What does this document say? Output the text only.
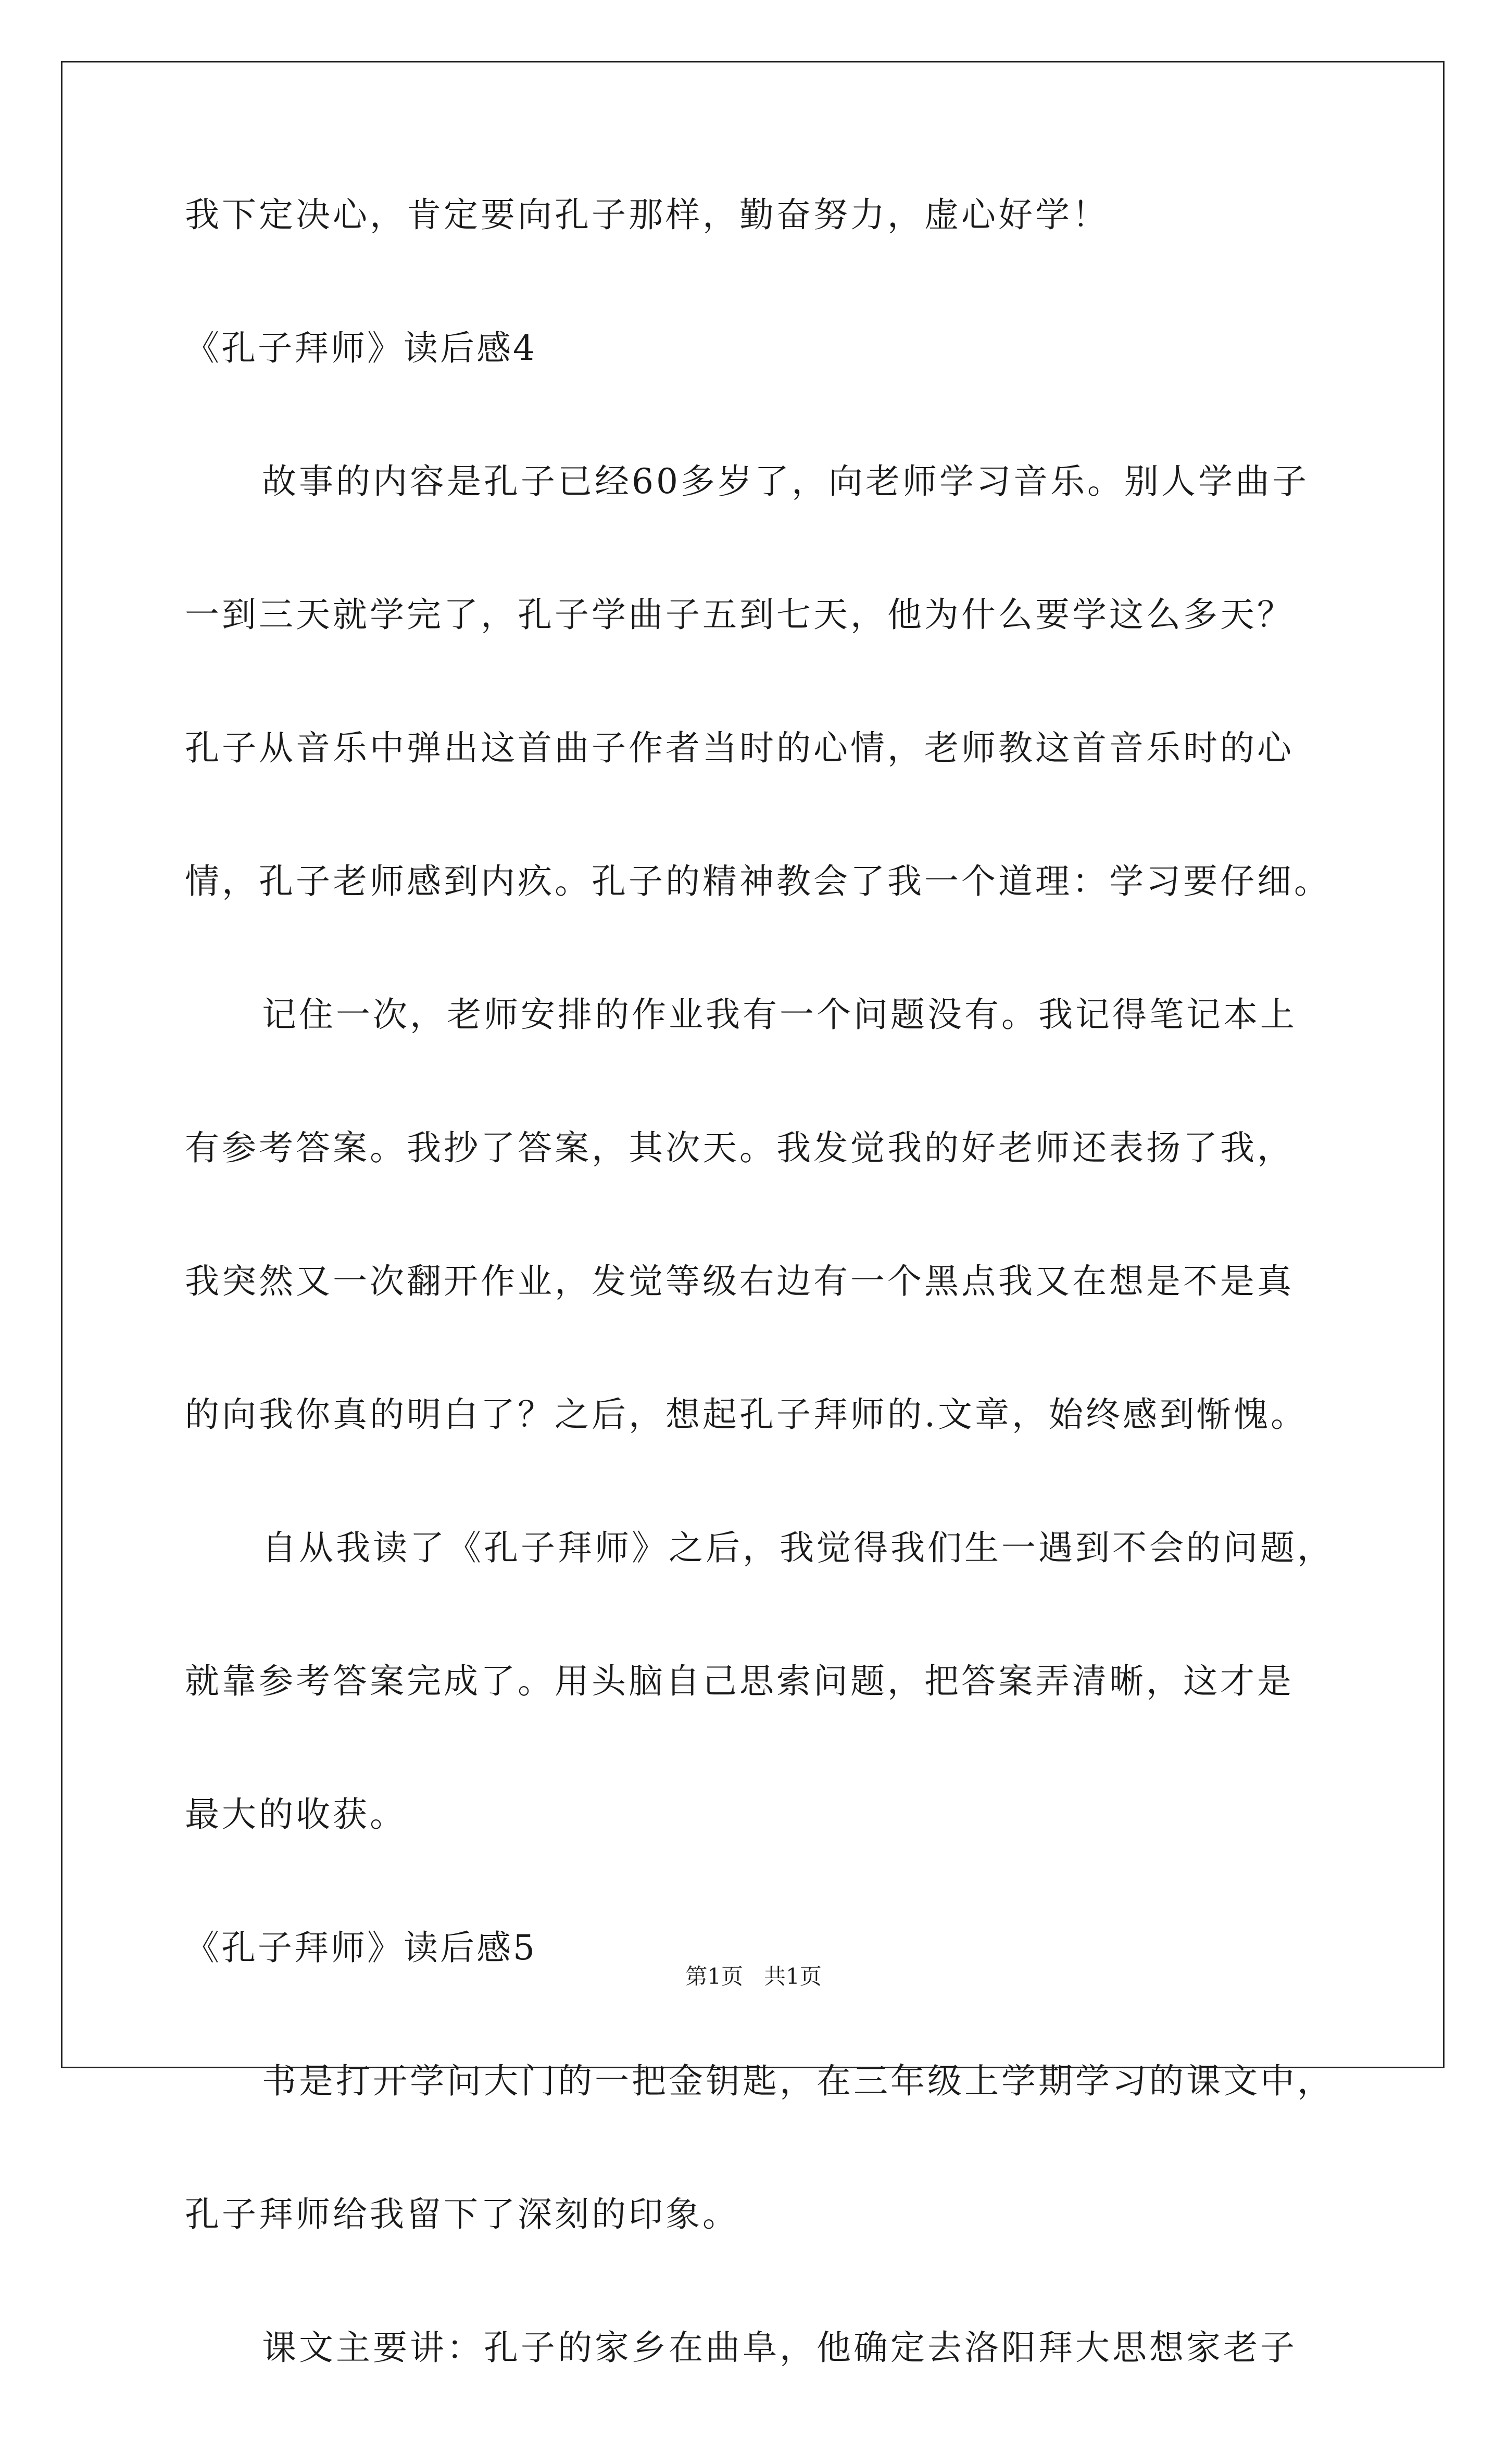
我下定决心，肯定要向孔子那样，勤奋努力，虚心好学！
《孔子拜师》读后感4
故事的内容是孔子已经60多岁了，向老师学习音乐。别人学曲子
一到三天就学完了，孔子学曲子五到七天，他为什么要学这么多天？
孔子从音乐中弹出这首曲子作者当时的心情，老师教这首音乐时的心
情，孔子老师感到内疚。孔子的精神教会了我一个道理：学习要仔细。
记住一次，老师安排的作业我有一个问题没有。我记得笔记本上
有参考答案。我抄了答案，其次天。我发觉我的好老师还表扬了我，
我突然又一次翻开作业，发觉等级右边有一个黑点我又在想是不是真
的向我你真的明白了？之后，想起孔子拜师的.文章，始终感到惭愧。
自从我读了《孔子拜师》之后，我觉得我们生一遇到不会的问题，
就靠参考答案完成了。用头脑自己思索问题，把答案弄清晰，这才是
最大的收获。
《孔子拜师》读后感5
书是打开学问大门的一把金钥匙，在三年级上学期学习的课文中，
孔子拜师给我留下了深刻的印象。
课文主要讲：孔子的家乡在曲阜，他确定去洛阳拜大思想家老子
第1页   共1页
